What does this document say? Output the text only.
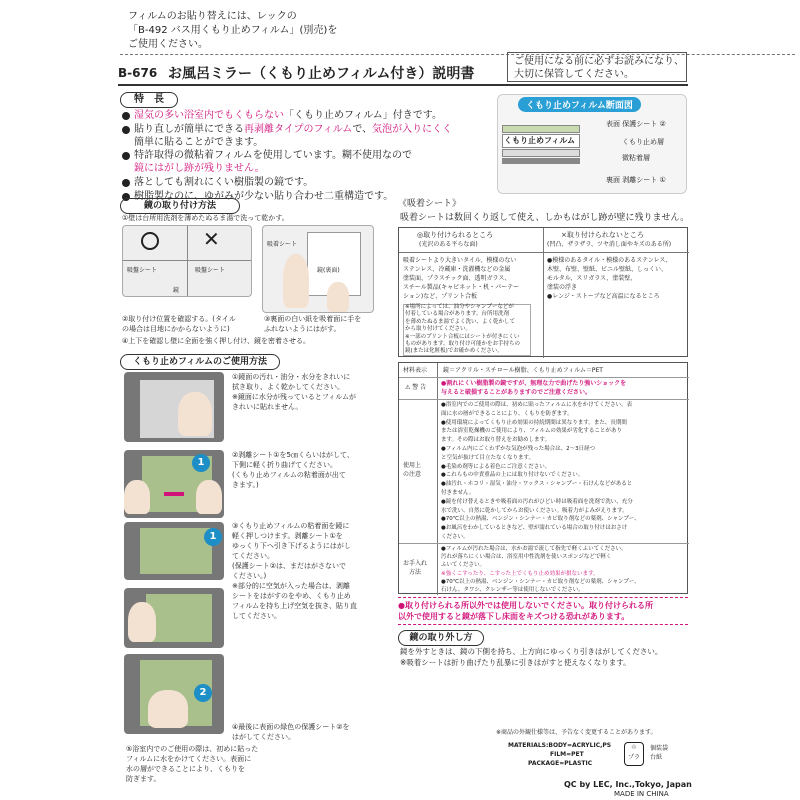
フィルムのお貼り替えには、レックの
「B-492 バス用くもり止めフィルム」(別売)を
ご使用ください。
ご使用になる前に必ずお読みになり、
大切に保管してください。
B-676 お風呂ミラー（くもり止めフィルム付き）説明書
特　長
湿気の多い浴室内でもくもらない「くもり止めフィルム」付きです。
貼り直しが簡単にできる再剥離タイプのフィルムで、気泡が入りにくく
簡単に貼ることができます。
特許取得の微粘着フィルムを使用しています。糊不使用なので
鏡にはがし跡が残りません。
落としても割れにくい樹脂製の鏡です。
樹脂製なのに、ゆがみが少ない貼り合わせ二重構造です。
くもり止めフィルム断面図
くもり止めフィルム
表面 保護シート ②
くもり止め層
微粘着層
裏面 剥離シート ①
鏡の取り付け方法
①壁は台所用洗剤を薄めたぬるま湯で洗って乾かす。
✕
吸盤シート	吸盤シート
鏡
吸着シート
鏡(裏面)
②取り付け位置を確認する。(タイル
の場合は目地にかからないように)
③裏面の白い紙を吸着面に手を
ふれないようにはがす。
④上下を確認し壁に全面を強く押し付け、鏡を密着させる。
くもり止めフィルムのご使用方法
①鏡面の汚れ・油分・水分をきれいに
拭き取り、よく乾かしてください。
※鏡面に水分が残っているとフィルムが
きれいに貼れません。
1
②剥離シート①を5㎝くらいはがして、
下側に軽く折り曲げてください。
(くもり止めフィルムの粘着面が出て
きます。)
1
③くもり止めフィルムの粘着面を鏡に
軽く押しつけます。剥離シート①を
ゆっくり下へ引き下げるようにはがし
てください。
(保護シート②は、まだはがさないで
ください。)
※部分的に空気が入った場合は、剥離
シートをはがすのをやめ、くもり止め
フィルムを持ち上げ空気を抜き、貼り直
してください。
2
④最後に表面の緑色の保護シート②を
はがしてください。
⑤浴室内でのご使用の際は、初めに貼った
フィルムに水をかけてください。表面に
水の層ができることにより、くもりを
防ぎます。
《吸着シート》
吸着シートは数回くり返して使え、しかもはがし跡が壁に残りません。
◎取り付けられるところ
(光沢のある平らな面)
×取り付けられないところ
(凹凸、ザラザラ、ツヤ消し面やキズのある所)
吸着シートより大きいタイル、模様のない
ステンレス、冷蔵庫・洗濯機などの金属
塗装面、プラスチック面、透明ガラス、
スチール製品(キャビネット・机・パーテー
ション)など、プリント合板
※場所によっては、油分やシャンプーなどが
付着している場合があります。台所用洗剤
を薄めたぬるま湯でよく洗い、よく乾かして
から取り付けてください。
※一部のプリント合板にはシートが付きにくい
ものがあります。取り付け可能かをお手持ちの
鏡(または化粧板)でお確かめください。
●模様のあるタイル・模様のあるステンレス、
木壁、布壁、壁紙、ビニル壁紙、しっくい、
モルタル、スリガラス、塗装壁、
塗装の浮き
●レンジ・ストーブなど高温になるところ
材料表示	鏡＝アクリル・スチロール樹脂、くもり止めフィルム＝PET
⚠ 警 告
●割れにくい樹脂製の鏡ですが、無理な力で曲げたり強いショックを
与えると破損することがありますのでご注意ください。
使用上
の注意
●浴室内でのご使用の際は、初めに貼ったフィルムに水をかけてください。表
面に水の層ができることにより、くもりを防ぎます。
●使用環境によってくもり止め効果の持続期間は異なります。また、長期間
または浴室乾燥機のご使用により、フィルムの効果が劣化することがあり
ます。その際はお取り替えをお勧めします。
●フィルム内にごくわずかな気泡が残った場合は、2～3日経つ
と空気が抜けて目立たなくなります。
●毛染め剤等による着色にご注意ください。
●これらもの中責重品の上には取り付けないでください。
●油汚れ・ホコリ・湿気・油分・ワックス・シャンプー・石けんなどがあると
付きません。
●鏡を付け替えるときや吸着面の汚れがひどい時は吸着面を洗剤で洗い、充分
水で洗い、自然に乾かしてからお使いください。吸着力がよみがえります。
●70℃以上の熱湯、ベンジン・シンナー・カビ取り剤などの薬剤、シャンプー、
●お風呂をわかしているときなど、壁が濡れている場合の取り付けはおさけ
ください。
お手入れ
方法
●フィルムが汚れた場合は、水かお湯で流して指先で軽くふいてください。
汚れが落ちにくい場合は、浴室用中性洗剤を使いスポンジなどで軽く
ふいてください。
※強くこすったり、こすった上でくもり止め効果が損ないます。
●70℃以上の熱湯、ベンジン・シンナー・カビ取り剤などの薬剤、シャンプー、
石けん、タワシ、クレンザー等は使用しないでください。
●取り付けられる所以外では使用しないでください。取り付けられる所
以外で使用すると鏡が落下し床面をキズつける恐れがあります。
鏡の取り外し方
鏡を外すときは、鏡の下側を持ち、上方向にゆっくり引きはがしてください。
※吸着シートは折り曲げたり乱暴に引きはがすと使えなくなります。
※商品の外観仕様等は、予告なく変更することがあります。
MATERIALS:BODY=ACRYLIC,PS
FILM=PET
PACKAGE=PLASTIC
♲
プラ
個装袋
台紙
QC by LEC, Inc.,Tokyo, Japan
MADE IN CHINA
